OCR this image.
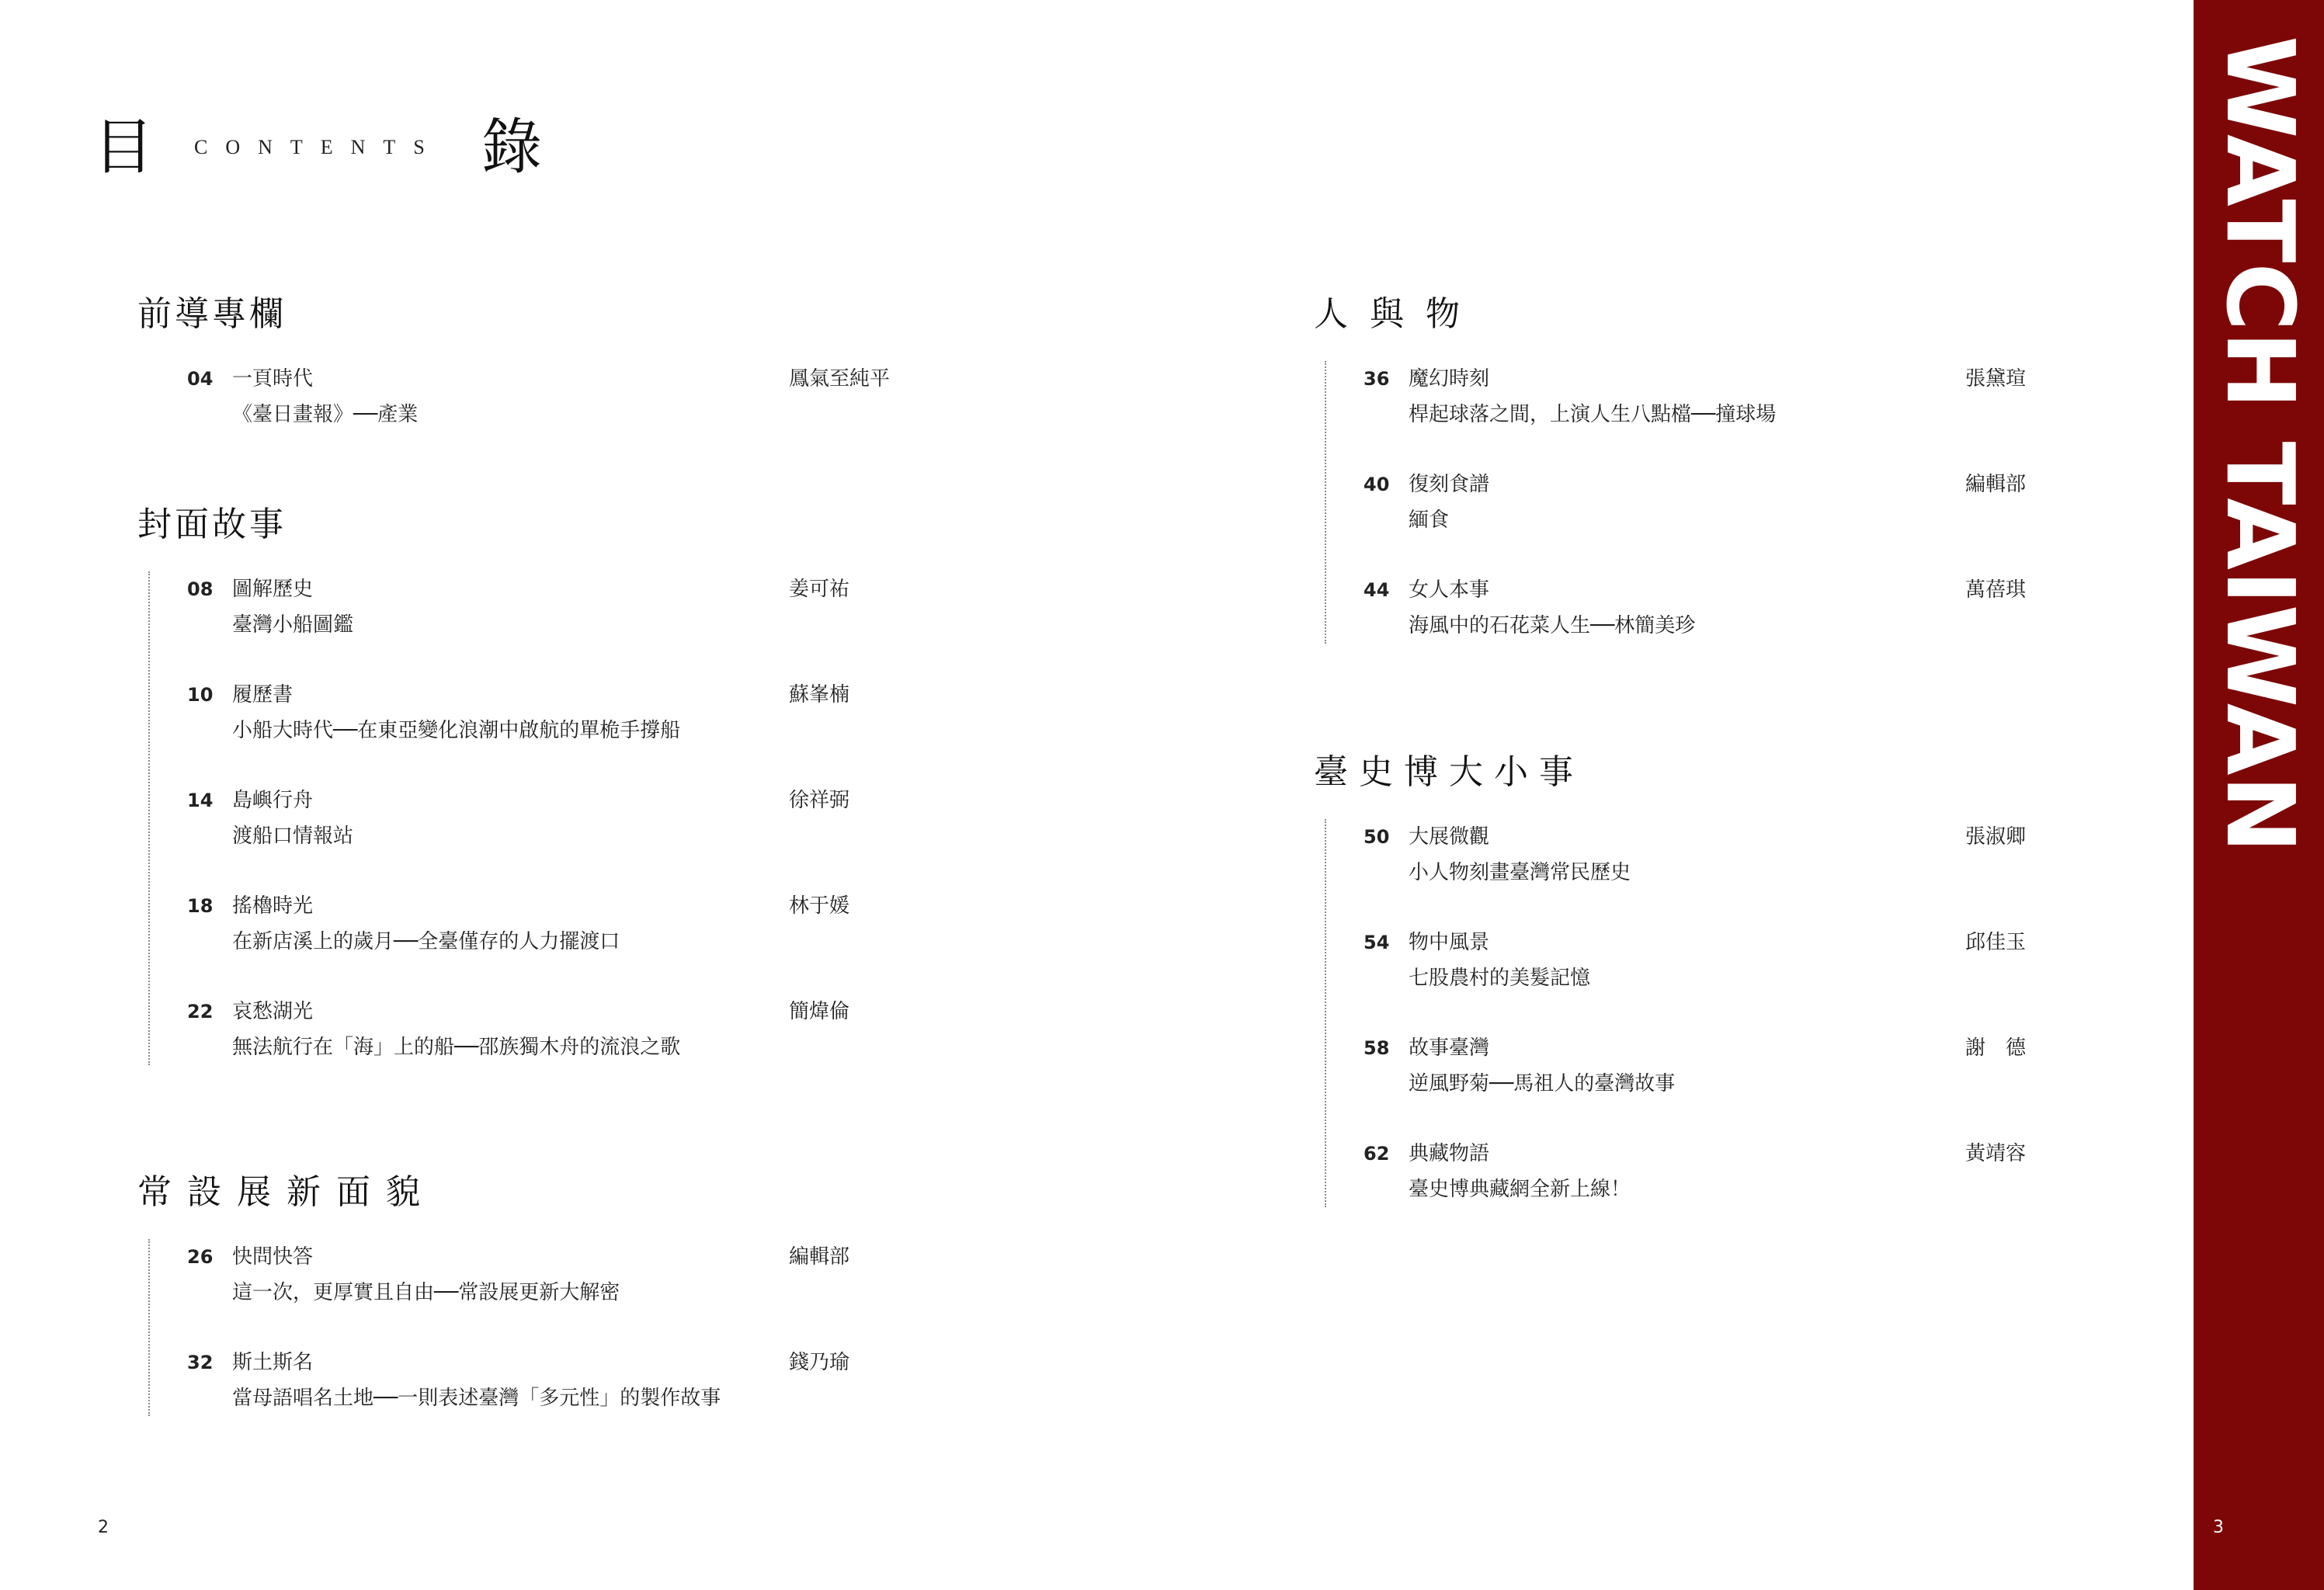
目 CONTENTS 錄
前導專欄
04 一頁時代
《臺日畫報》──產業
鳳氣至純平
封面故事
08 圖解歷史
臺灣小船圖鑑
姜可祐
10 履歷書
小船大時代──在東亞變化浪潮中啟航的單桅手撐船
蘇峯楠
14 島嶼行舟
渡船口情報站
徐祥弼
18 搖櫓時光
在新店溪上的歲月──全臺僅存的人力擺渡口
林于媛
22 哀愁湖光
無法航行在「海」上的船──邵族獨木舟的流浪之歌
簡煒倫
常設展新面貌
26 快問快答
這一次，更厚實且自由──常設展更新大解密
編輯部
32 斯土斯名
當母語唱名土地──一則表述臺灣「多元性」的製作故事
錢乃瑜
人與物
36 魔幻時刻
桿起球落之間，上演人生八點檔──撞球場
張黛瑄
40 復刻食譜
緬食
編輯部
44 女人本事
海風中的石花菜人生──林簡美珍
萬蓓琪
臺史博大小事
50 大展微觀
小人物刻畫臺灣常民歷史
張淑卿
54 物中風景
七股農村的美髮記憶
邱佳玉
58 故事臺灣
逆風野菊──馬祖人的臺灣故事
謝　德
62 典藏物語
臺史博典藏網全新上線！
黃靖容
2
WATCH TAIWAN
3
